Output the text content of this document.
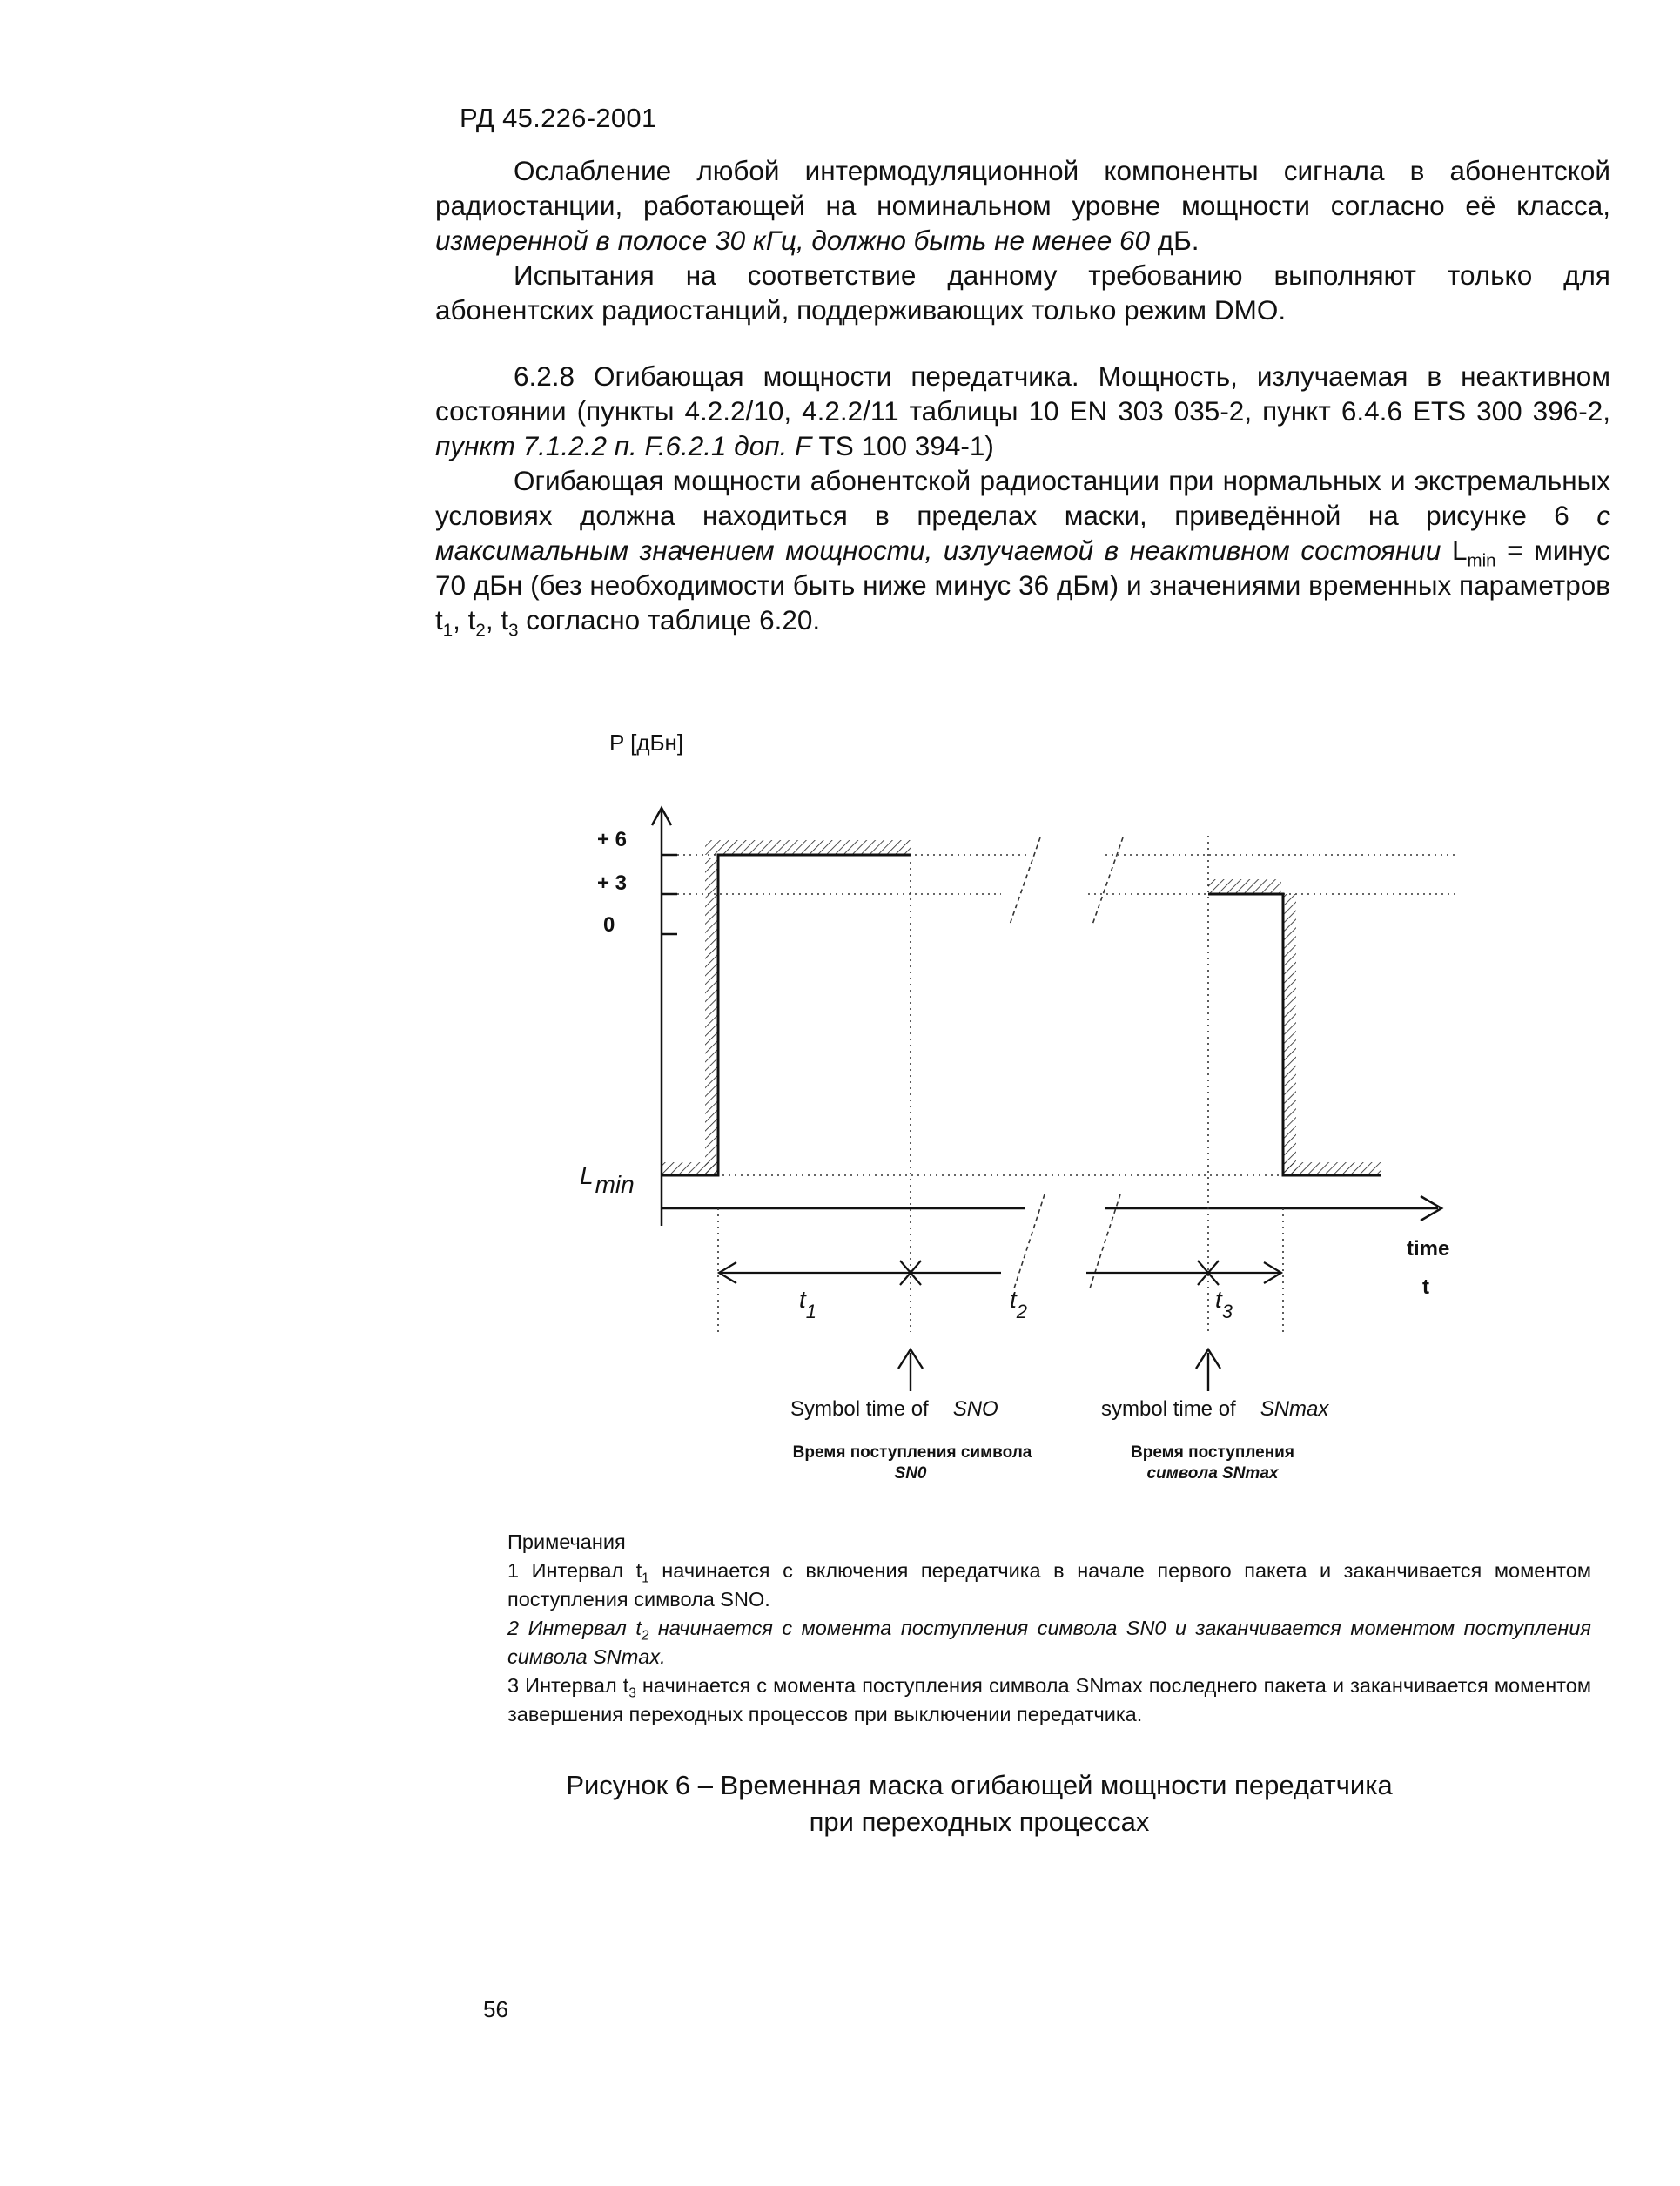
РД 45.226-2001

Ослабление любой интермодуляционной компоненты сигнала в абонентской радиостанции, работающей на номинальном уровне мощности согласно её класса, измеренной в полосе 30 кГц, должно быть не менее 60 дБ.

Испытания на соответствие данному требованию выполняют только для абонентских радиостанций, поддерживающих только режим DMO.

6.2.8 Огибающая мощности передатчика. Мощность, излучаемая в неактивном состоянии (пункты 4.2.2/10, 4.2.2/11 таблицы 10 EN 303 035-2, пункт 6.4.6 ETS 300 396-2, пункт 7.1.2.2 п. F.6.2.1 доп. F TS 100 394-1)

Огибающая мощности абонентской радиостанции при нормальных и экстремальных условиях должна находиться в пределах маски, приведённой на рисунке 6 с максимальным значением мощности, излучаемой в неактивном состоянии $L_{min}$ = минус 70 дБн (без необходимости быть ниже минус 36 дБм) и значениями временных параметров $t_1$, $t_2$, $t_3$ согласно таблице 6.20.

P [дБн]
+ 6
+ 3
0
Lmin
time
t
$t_1$	$t_2$	$t_3$
Symbol time of SNO
Время поступления символа
SN0
symbol time of SNmax
Время поступления
символа SNmax

Примечания

1 Интервал $t_1$ начинается с включения передатчика в начале первого пакета и заканчивается моментом поступления символа SNO.

2 Интервал $t_2$ начинается с момента поступления символа SN0 и заканчивается моментом поступления символа SNmax.

3 Интервал $t_3$ начинается с момента поступления символа SNmax последнего пакета и заканчивается моментом завершения переходных процессов при выключении передатчика.

Рисунок 6 – Временная маска огибающей мощности передатчика
при переходных процессах
56
